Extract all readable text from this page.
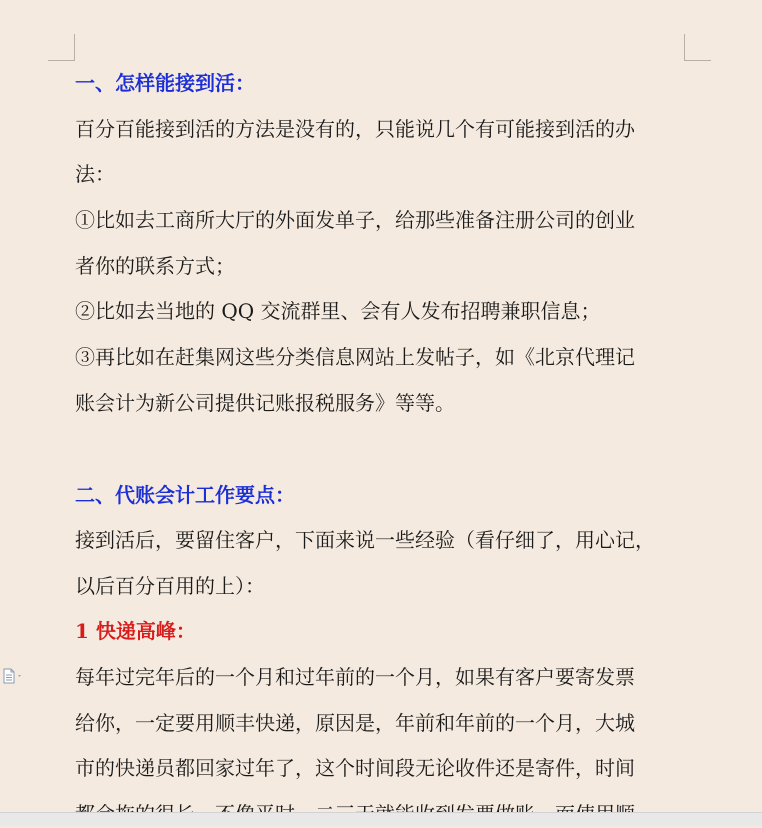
一、怎样能接到活：
百分百能接到活的方法是没有的，只能说几个有可能接到活的办
法：
①比如去工商所大厅的外面发单子，给那些准备注册公司的创业
者你的联系方式；
②比如去当地的 QQ 交流群里、会有人发布招聘兼职信息；
③再比如在赶集网这些分类信息网站上发帖子，如《北京代理记
账会计为新公司提供记账报税服务》等等。
二、代账会计工作要点：
接到活后，要留住客户，下面来说一些经验（看仔细了，用心记，
以后百分百用的上）：
1 快递高峰：
每年过完年后的一个月和过年前的一个月，如果有客户要寄发票
给你，一定要用顺丰快递，原因是，年前和年前的一个月，大城
市的快递员都回家过年了，这个时间段无论收件还是寄件，时间
